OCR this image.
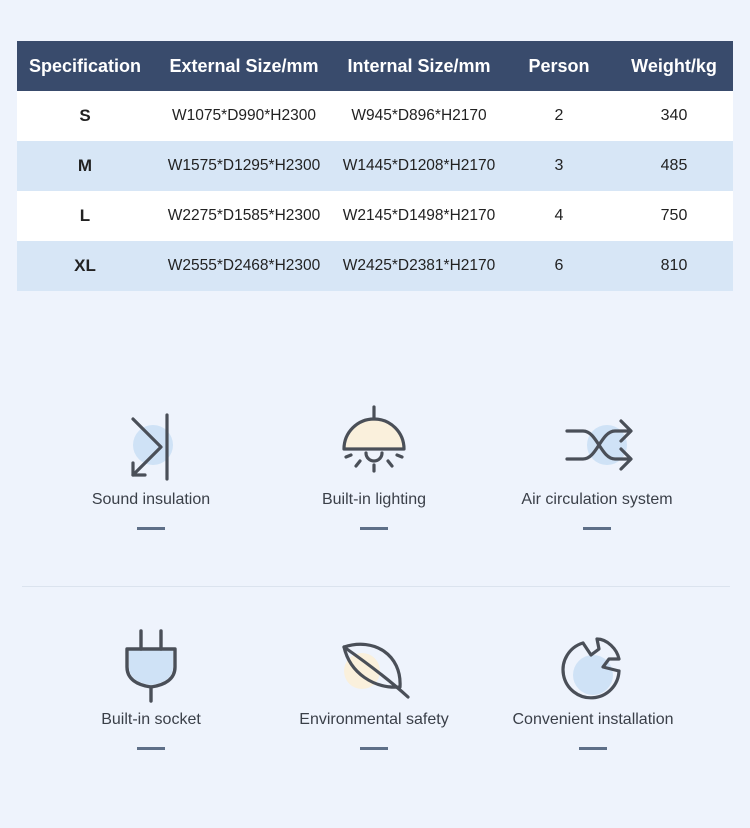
Specification	External Size/mm	Internal Size/mm	Person	Weight/kg
S	W1075*D990*H2300	W945*D896*H2170	2	340
M	W1575*D1295*H2300	W1445*D1208*H2170	3	485
L	W2275*D1585*H2300	W2145*D1498*H2170	4	750
XL	W2555*D2468*H2300	W2425*D2381*H2170	6	810
Sound insulation	Built-in lighting	Air circulation system
Built-in socket	Environmental safety	Convenient installation
